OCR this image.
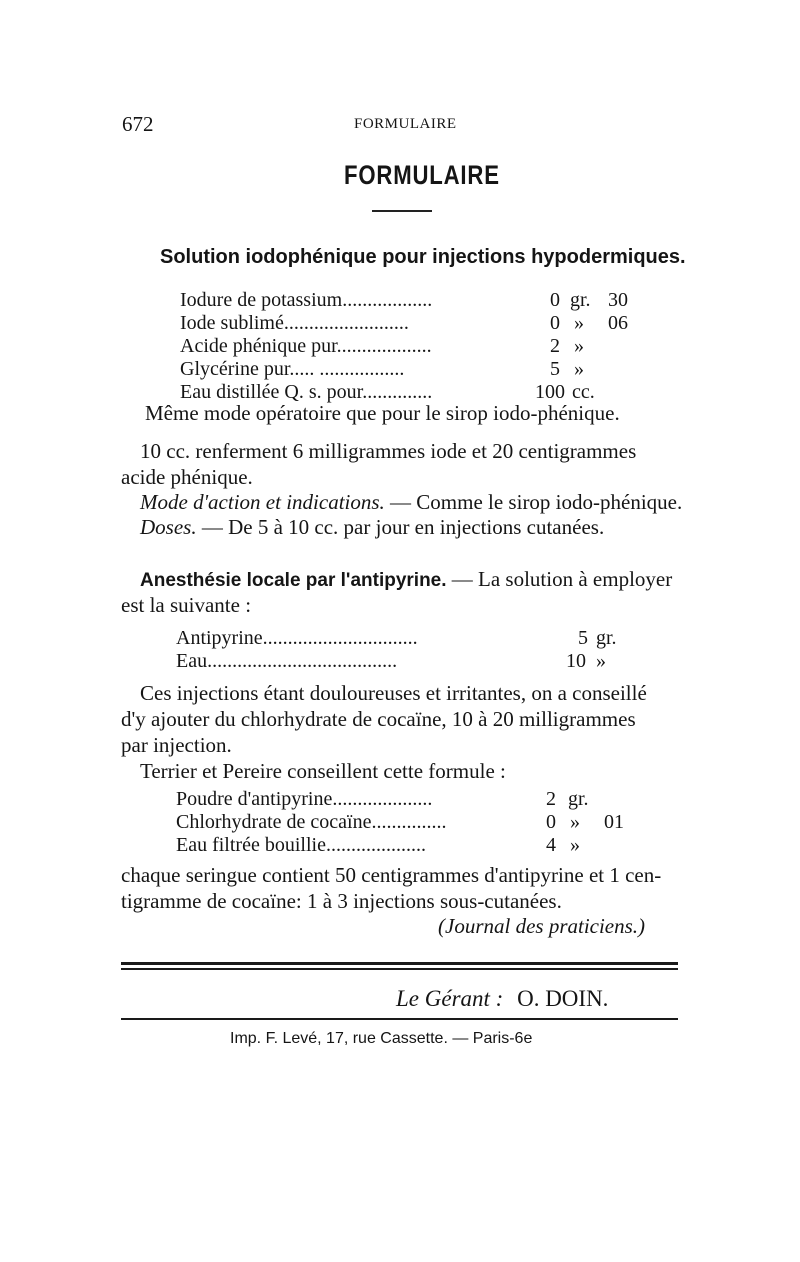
672	FORMULAIRE
FORMULAIRE
Solution iodophénique pour injections hypodermiques.
Iodure de potassium..................	0 gr. 30
Iode sublimé.........................	0 » 06
Acide phénique pur...................	2 »
Glycérine pur..... .................	5 »
Eau distillée Q. s. pour..............	100 cc.
Même mode opératoire que pour le sirop iodo-phénique.
10 cc. renferment 6 milligrammes iode et 20 centigrammes
acide phénique.
Mode d'action et indications. — Comme le sirop iodo-phénique.
Doses. — De 5 à 10 cc. par jour en injections cutanées.
Anesthésie locale par l'antipyrine. — La solution à employer
est la suivante :
Antipyrine...............................	5 gr.
Eau......................................	10 »
Ces injections étant douloureuses et irritantes, on a conseillé
d'y ajouter du chlorhydrate de cocaïne, 10 à 20 milligrammes
par injection.
Terrier et Pereire conseillent cette formule :
Poudre d'antipyrine....................	2 gr.
Chlorhydrate de cocaïne...............	0 » 01
Eau filtrée bouillie....................	4 »
chaque seringue contient 50 centigrammes d'antipyrine et 1 cen-
tigramme de cocaïne: 1 à 3 injections sous-cutanées.
(Journal des praticiens.)
Le Gérant : O. DOIN.
Imp. F. Levé, 17, rue Cassette. — Paris-6e
